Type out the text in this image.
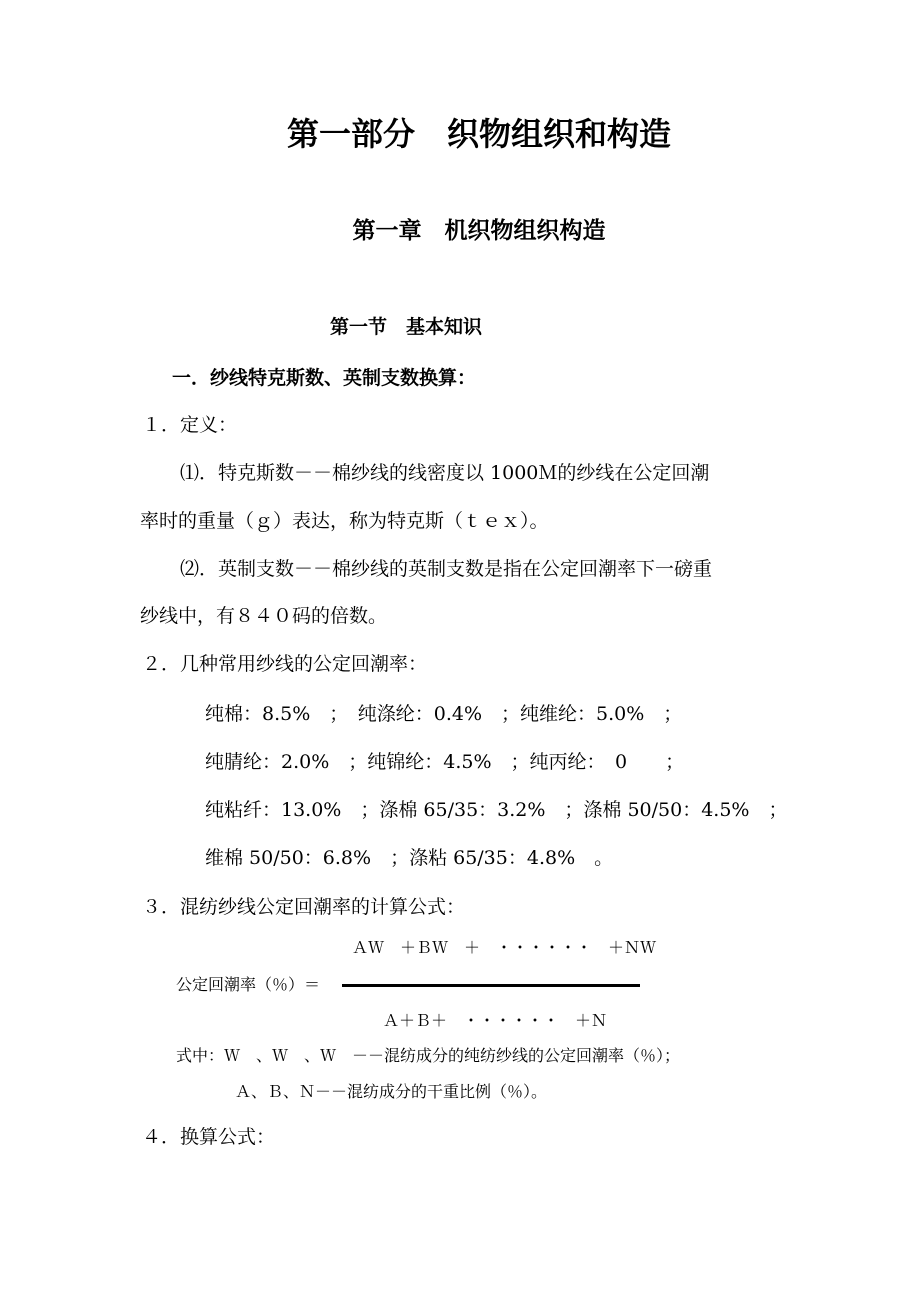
第一部分　织物组织和构造
第一章　机织物组织构造
第一节　基本知识
一．纱线特克斯数、英制支数换算：
１．定义：
⑴．特克斯数－－棉纱线的线密度以 1000Ｍ的纱线在公定回潮
率时的重量（ｇ）表达，称为特克斯（ｔｅｘ）。
⑵．英制支数－－棉纱线的英制支数是指在公定回潮率下一磅重
纱线中，有８４０码的倍数。
２．几种常用纱线的公定回潮率：
纯棉：8.5%　；　纯涤纶：0.4%　；纯维纶：5.0%　；
纯腈纶：2.0%　；纯锦纶：4.5%　；纯丙纶：　0　　；
纯粘纤：13.0%　；涤棉 65/35：3.2%　；涤棉 50/50：4.5%　；
维棉 50/50：6.8%　；涤粘 65/35：4.8%　。
３．混纺纱线公定回潮率的计算公式：
ＡＷ　＋ＢＷ　＋　・・・・・・　＋ＮＷ
公定回潮率（％）＝
Ａ＋Ｂ＋　・・・・・・　＋Ｎ
式中：Ｗ　、Ｗ　、Ｗ　－－混纺成分的纯纺纱线的公定回潮率（％）；
Ａ、Ｂ、Ｎ－－混纺成分的干重比例（％）。
４．换算公式：
